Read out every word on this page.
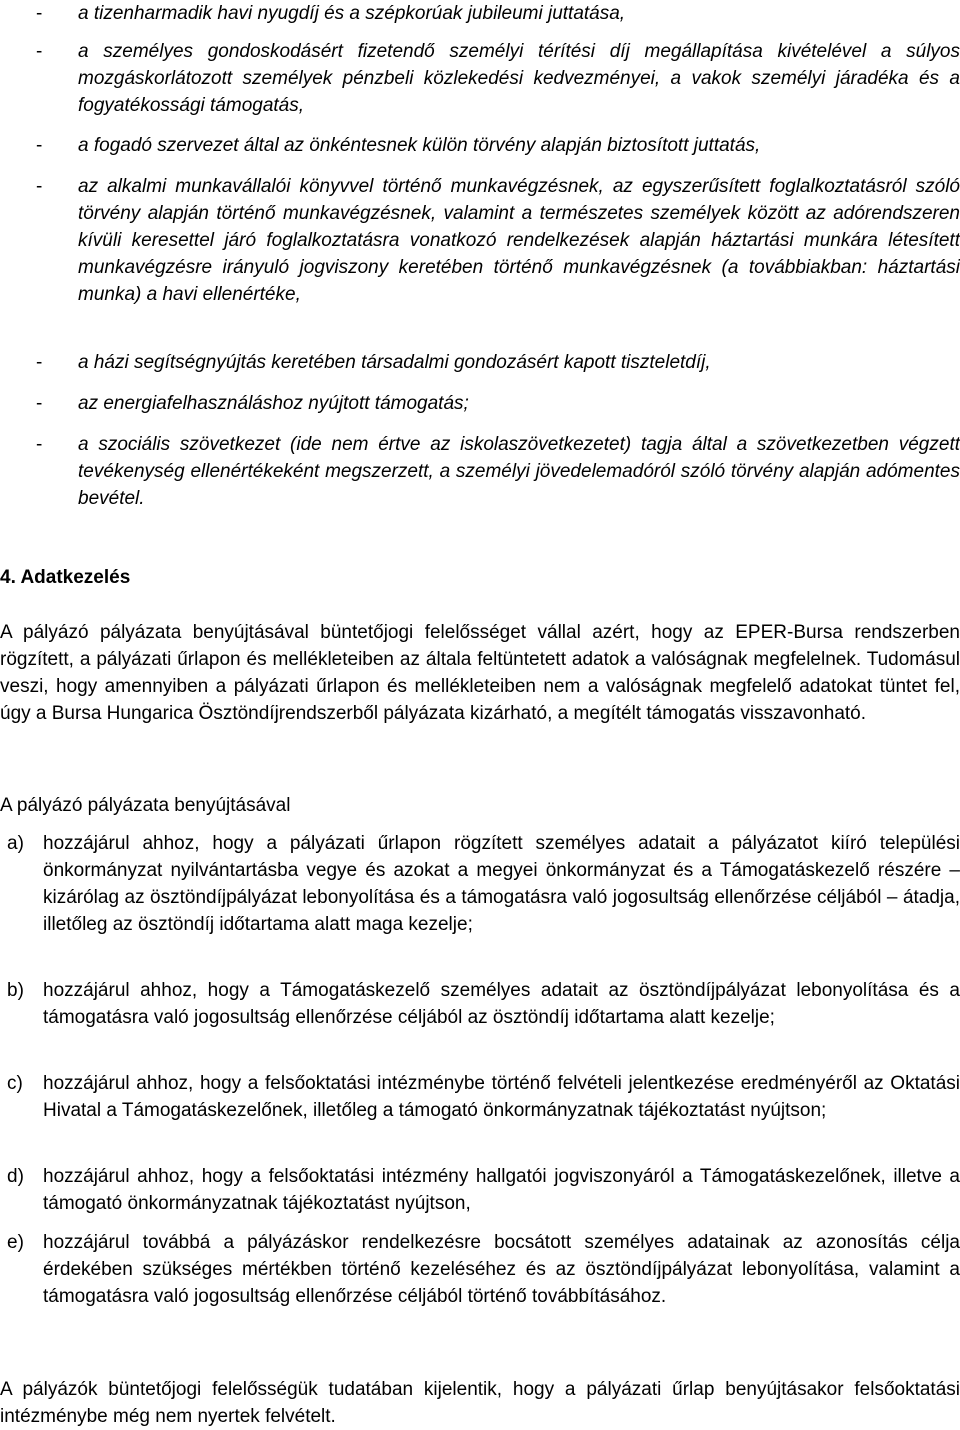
- a tizenharmadik havi nyugdíj és a szépkorúak jubileumi juttatása,
- a személyes gondoskodásért fizetendő személyi térítési díj megállapítása kivételével a súlyos mozgáskorlátozott személyek pénzbeli közlekedési kedvezményei, a vakok személyi járadéka és a fogyatékossági támogatás,
- a fogadó szervezet által az önkéntesnek külön törvény alapján biztosított juttatás,
- az alkalmi munkavállalói könyvvel történő munkavégzésnek, az egyszerűsített foglalkoztatásról szóló törvény alapján történő munkavégzésnek, valamint a természetes személyek között az adórendszeren kívüli keresettel járó foglalkoztatásra vonatkozó rendelkezések alapján háztartási munkára létesített munkavégzésre irányuló jogviszony keretében történő munkavégzésnek (a továbbiakban: háztartási munka) a havi ellenértéke,
- a házi segítségnyújtás keretében társadalmi gondozásért kapott tiszteletdíj,
- az energiafelhasználáshoz nyújtott támogatás;
- a szociális szövetkezet (ide nem értve az iskolaszövetkezetet) tagja által a szövetkezetben végzett tevékenység ellenértékeként megszerzett, a személyi jövedelemadóról szóló törvény alapján adómentes bevétel.
4. Adatkezelés
A pályázó pályázata benyújtásával büntetőjogi felelősséget vállal azért, hogy az EPER-Bursa rendszerben rögzített, a pályázati űrlapon és mellékleteiben az általa feltüntetett adatok a valóságnak megfelelnek. Tudomásul veszi, hogy amennyiben a pályázati űrlapon és mellékleteiben nem a valóságnak megfelelő adatokat tüntet fel, úgy a Bursa Hungarica Ösztöndíjrendszerből pályázata kizárható, a megítélt támogatás visszavonható.
A pályázó pályázata benyújtásával
a) hozzájárul ahhoz, hogy a pályázati űrlapon rögzített személyes adatait a pályázatot kiíró települési önkormányzat nyilvántartásba vegye és azokat a megyei önkormányzat és a Támogatáskezelő részére – kizárólag az ösztöndíjpályázat lebonyolítása és a támogatásra való jogosultság ellenőrzése céljából – átadja, illetőleg az ösztöndíj időtartama alatt maga kezelje;
b) hozzájárul ahhoz, hogy a Támogatáskezelő személyes adatait az ösztöndíjpályázat lebonyolítása és a támogatásra való jogosultság ellenőrzése céljából az ösztöndíj időtartama alatt kezelje;
c) hozzájárul ahhoz, hogy a felsőoktatási intézménybe történő felvételi jelentkezése eredményéről az Oktatási Hivatal a Támogatáskezelőnek, illetőleg a támogató önkormányzatnak tájékoztatást nyújtson;
d) hozzájárul ahhoz, hogy a felsőoktatási intézmény hallgatói jogviszonyáról a Támogatáskezelőnek, illetve a támogató önkormányzatnak tájékoztatást nyújtson,
e) hozzájárul továbbá a pályázáskor rendelkezésre bocsátott személyes adatainak az azonosítás célja érdekében szükséges mértékben történő kezeléséhez és az ösztöndíjpályázat lebonyolítása, valamint a támogatásra való jogosultság ellenőrzése céljából történő továbbításához.
A pályázók büntetőjogi felelősségük tudatában kijelentik, hogy a pályázati űrlap benyújtásakor felsőoktatási intézménybe még nem nyertek felvételt.
